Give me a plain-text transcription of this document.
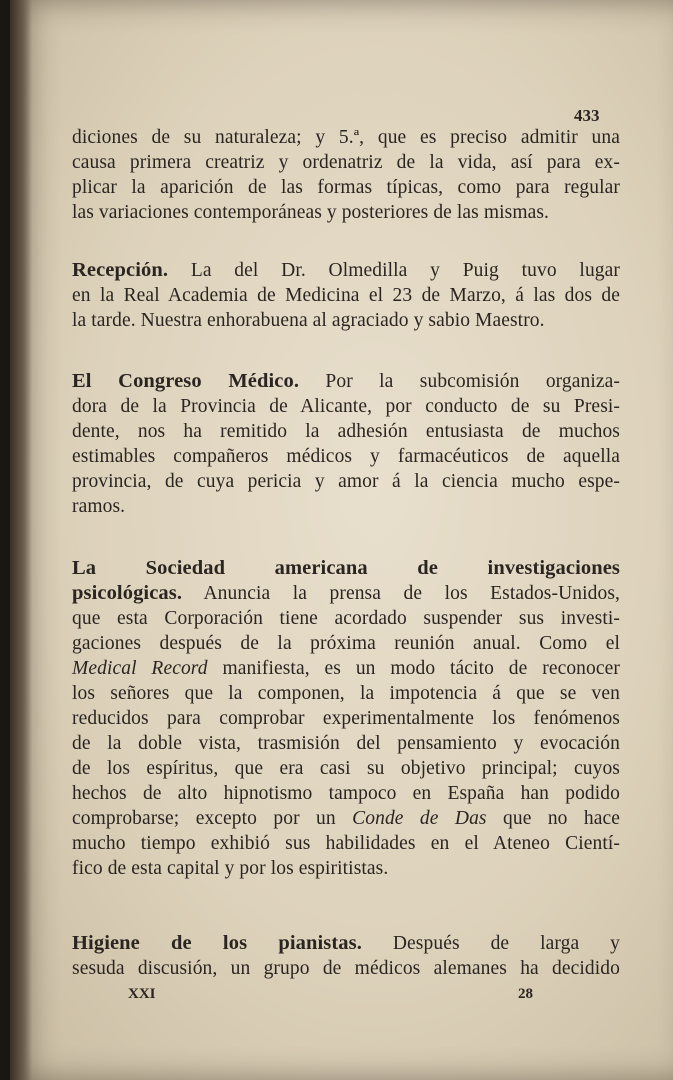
433
diciones de su naturaleza; y 5.ª, que es preciso admitir una
causa primera creatriz y ordenatriz de la vida, así para ex-
plicar la aparición de las formas típicas, como para regular
las variaciones contemporáneas y posteriores de las mismas.
Recepción. La del Dr. Olmedilla y Puig tuvo lugar
en la Real Academia de Medicina el 23 de Marzo, á las dos de
la tarde. Nuestra enhorabuena al agraciado y sabio Maestro.
El Congreso Médico. Por la subcomisión organiza-
dora de la Provincia de Alicante, por conducto de su Presi-
dente, nos ha remitido la adhesión entusiasta de muchos
estimables compañeros médicos y farmacéuticos de aquella
provincia, de cuya pericia y amor á la ciencia mucho espe-
ramos.
La Sociedad americana de investigaciones
psicológicas. Anuncia la prensa de los Estados-Unidos,
que esta Corporación tiene acordado suspender sus investi-
gaciones después de la próxima reunión anual. Como el
Medical Record manifiesta, es un modo tácito de reconocer
los señores que la componen, la impotencia á que se ven
reducidos para comprobar experimentalmente los fenómenos
de la doble vista, trasmisión del pensamiento y evocación
de los espíritus, que era casi su objetivo principal; cuyos
hechos de alto hipnotismo tampoco en España han podido
comprobarse; excepto por un Conde de Das que no hace
mucho tiempo exhibió sus habilidades en el Ateneo Cientí-
fico de esta capital y por los espiritistas.
Higiene de los pianistas. Después de larga y
sesuda discusión, un grupo de médicos alemanes ha decidido
XXI	28
